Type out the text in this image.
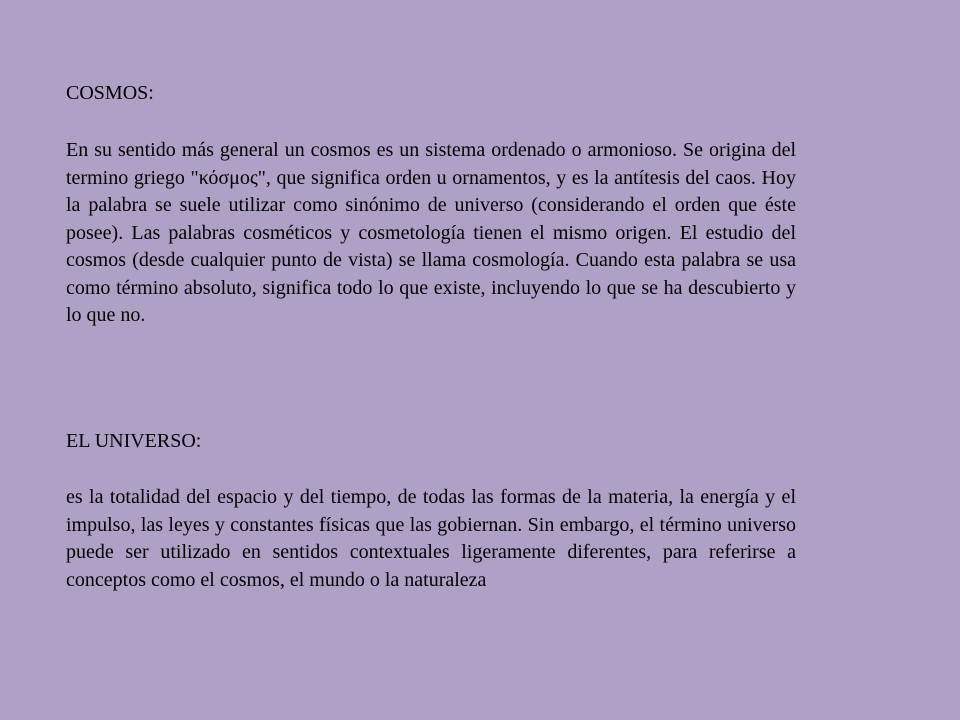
COSMOS:

En su sentido más general un cosmos es un sistema ordenado o armonioso. Se origina del termino griego "κόσμος", que significa orden u ornamentos, y es la antítesis del caos. Hoy la palabra se suele utilizar como sinónimo de universo (considerando el orden que éste posee). Las palabras cosméticos y cosmetología tienen el mismo origen. El estudio del cosmos (desde cualquier punto de vista) se llama cosmología. Cuando esta palabra se usa como término absoluto, significa todo lo que existe, incluyendo lo que se ha descubierto y lo que no.

EL UNIVERSO:

es la totalidad del espacio y del tiempo, de todas las formas de la materia, la energía y el impulso, las leyes y constantes físicas que las gobiernan. Sin embargo, el término universo puede ser utilizado en sentidos contextuales ligeramente diferentes, para referirse a conceptos como el cosmos, el mundo o la naturaleza
